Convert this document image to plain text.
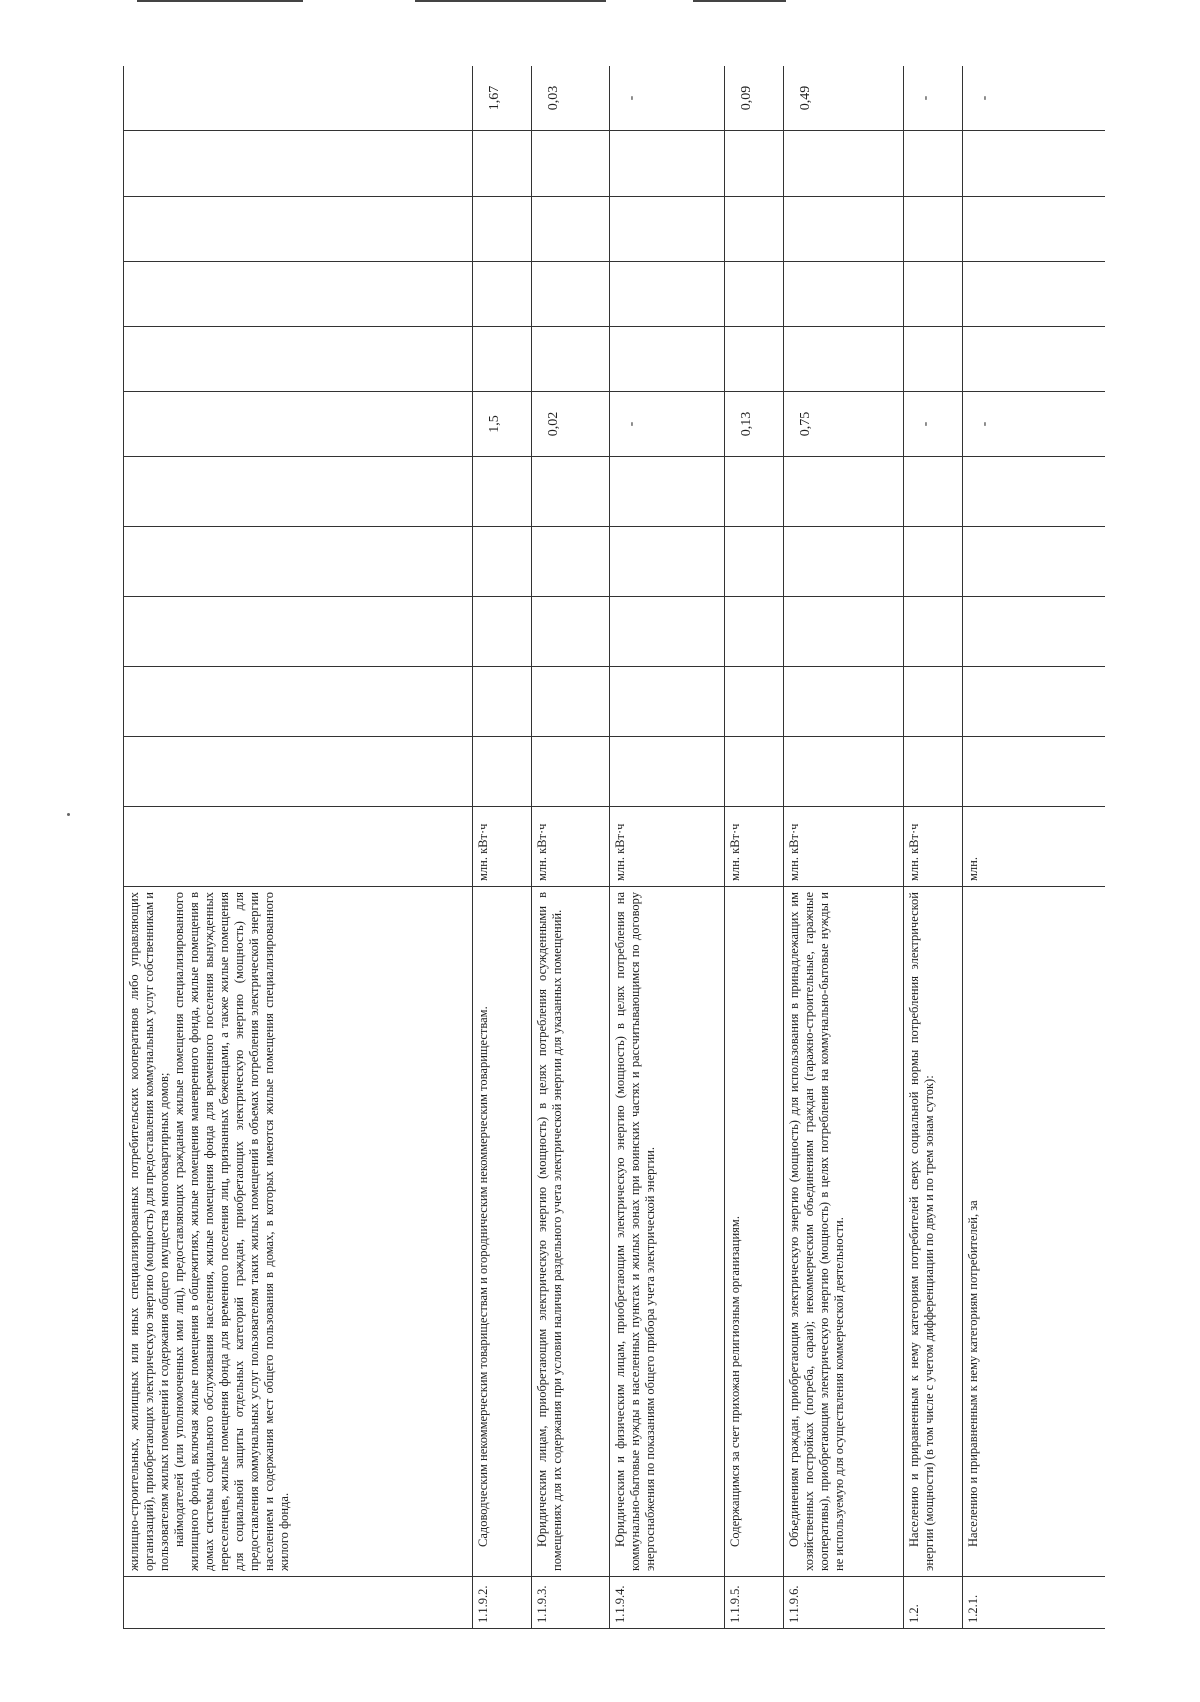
	жилищно-строительных, жилищных или иных специализированных потребительских кооперативов либо управляющих организаций), приобретающих электрическую энергию (мощность) для предоставления коммунальных услуг собственникам и пользователям жилых помещений и содержания общего имущества многоквартирных домов; наймодателей (или уполномоченных ими лиц), предоставляющих гражданам жилые помещения специализированного жилищного фонда, включая жилые помещения в общежитиях, жилые помещения маневренного фонда, жилые помещения в домах системы социального обслуживания населения, жилые помещения фонда для временного поселения вынужденных переселенцев, жилые помещения фонда для временного поселения лиц, признанных беженцами, а также жилые помещения для социальной защиты отдельных категорий граждан, приобретающих электрическую энергию (мощность) для предоставления коммунальных услуг пользователям таких жилых помещений в объемах потребления электрической энергии населением и содержания мест общего пользования в домах, в которых имеются жилые помещения специализированного жилого фонда.												

1.1.9.2.	Садоводческим некоммерческим товариществам и огородническим некоммерческим товариществам.	млн. кВт·ч						1,5					1,67
1.1.9.3.	Юридическим лицам, приобретающим электрическую энергию (мощность) в целях потребления осужденными в помещениях для их содержания при условии наличия раздельного учета электрической энергии для указанных помещений.	млн. кВт·ч						0,02					0,03
1.1.9.4.	Юридическим и физическим лицам, приобретающим электрическую энергию (мощность) в целях потребления на коммунально-бытовые нужды в населенных пунктах и жилых зонах при воинских частях и рассчитывающимся по договору энергоснабжения по показаниям общего прибора учета электрической энергии.	млн. кВт·ч						-					-
1.1.9.5.	Содержащимся за счет прихожан религиозным организациям.	млн. кВт·ч						0,13					0,09
1.1.9.6.	Объединениям граждан, приобретающим электрическую энергию (мощность) для использования в принадлежащих им хозяйственных постройках (погреба, сараи); некоммерческим объединениям граждан (гаражно-строительные, гаражные кооперативы), приобретающим электрическую энергию (мощность) в целях потребления на коммунально-бытовые нужды и не используемую для осуществления коммерческой деятельности.	млн. кВт·ч						0,75					0,49
1.2.	Населению и приравненным к нему категориям потребителей сверх социальной нормы потребления электрической энергии (мощности) (в том числе с учетом дифференциации по двум и по трем зонам суток):	млн. кВт·ч						-					-
1.2.1.	Населению и приравненным к нему категориям потребителей, за	млн.						-					-
